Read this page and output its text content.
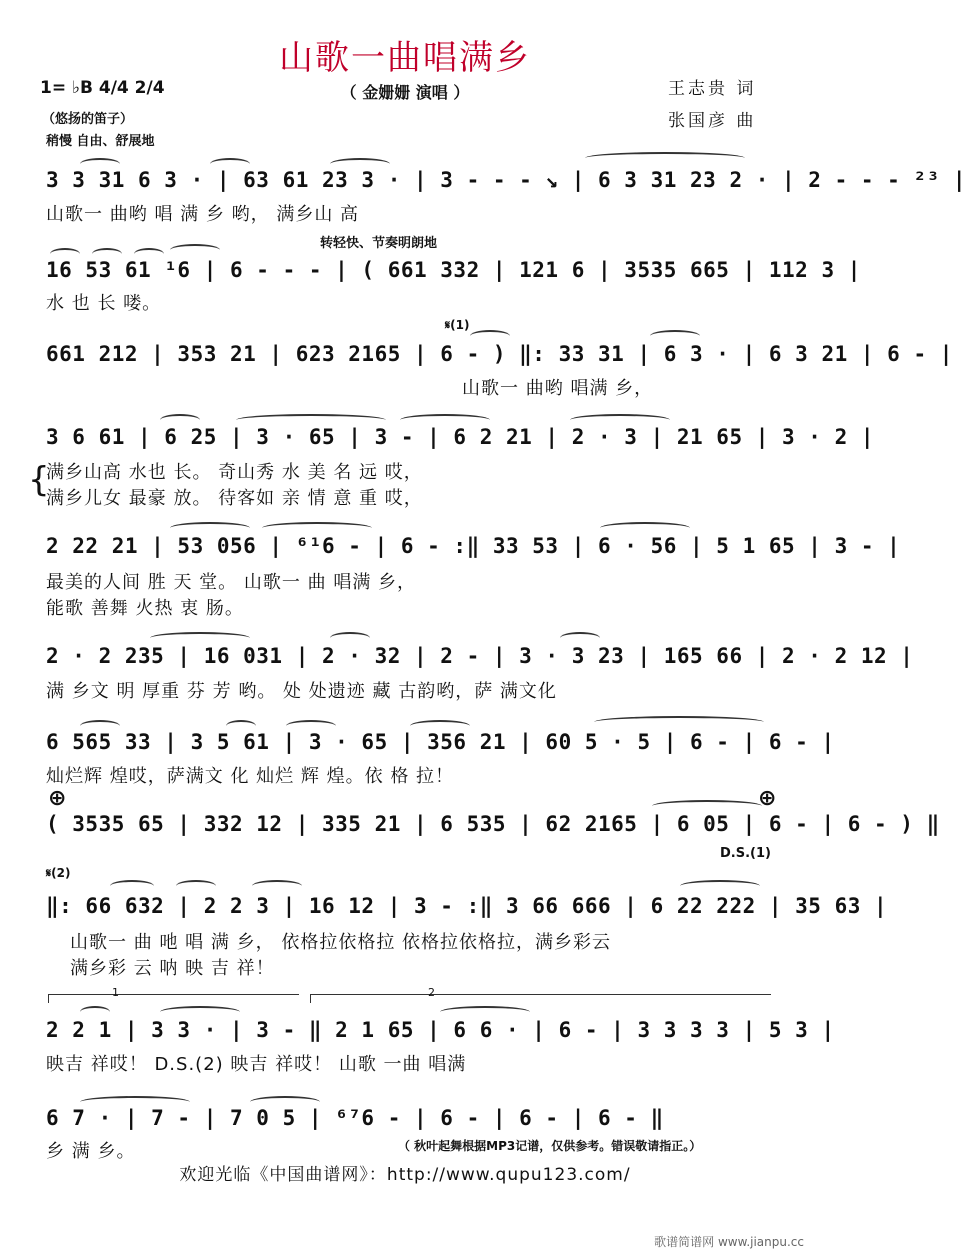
山歌一曲唱满乡
（ 金姗姗 演唱 ）
1= ♭B 4/4 2/4
（悠扬的笛子）
稍慢 自由、舒展地
王志贵 词
张国彦 曲
3 3 31 6 3 · | 63 61 23 3 · | 3 - - - ↘ | 6 3 31 23 2 · | 2 - - - ²³ |
山歌一 曲哟 唱 满 乡 哟， 满乡山 高
转轻快、节奏明朗地
16 53 61 ¹6 | 6 - - - | ( 661 332 | 121 6 | 3535 665 | 112 3 |
水 也 长 喽。
𝄋(1)
661 212 | 353 21 | 623 2165 | 6 - ) ‖: 33 31 | 6 3 · | 6 3 21 | 6 - |
山歌一 曲哟 唱满 乡，
3 6 61 | 6 25 | 3 · 65 | 3 - | 6 2 21 | 2 · 3 | 21 65 | 3 · 2 |
{
满乡山高 水也 长。 奇山秀 水 美 名 远 哎，
满乡儿女 最豪 放。 待客如 亲 情 意 重 哎，
2 22 21 | 53 056 | ⁶¹6 - | 6 - :‖ 33 53 | 6 · 56 | 5 1 65 | 3 - |
最美的人间 胜 天 堂。 山歌一 曲 唱满 乡，
能歌 善舞 火热 衷 肠。
2 · 2 235 | 16 031 | 2 · 32 | 2 - | 3 · 3 23 | 165 66 | 2 · 2 12 |
满 乡文 明 厚重 芬 芳 哟。 处 处遗迹 藏 古韵哟，萨 满文化
6 565 33 | 3 5 61 | 3 · 65 | 356 21 | 60 5 · 5 | 6 - | 6 - |
灿烂辉 煌哎，萨满文 化 灿烂 辉 煌。依 格 拉！
⊕	⊕
( 3535 65 | 332 12 | 335 21 | 6 535 | 62 2165 | 6 05 | 6 - | 6 - ) ‖
D.S.(1)
𝄋(2)
‖: 66 632 | 2 2 3 | 16 12 | 3 - :‖ 3 66 666 | 6 22 222 | 35 63 |
山歌一 曲 吔 唱 满 乡， 依格拉依格拉 依格拉依格拉，满乡彩云
满乡彩 云 呐 映 吉 祥！
1	2
2 2 1 | 3 3 · | 3 - ‖ 2 1 65 | 6 6 · | 6 - | 3 3 3 3 | 5 3 |
映吉 祥哎！ D.S.(2) 映吉 祥哎！ 山歌 一曲 唱满
6 7 · | 7 - | 7 0 5 | ⁶⁷6 - | 6 - | 6 - | 6 - ‖
乡 满 乡。	（ 秋叶起舞根据MP3记谱，仅供参考。错误敬请指正。）
欢迎光临《中国曲谱网》：http://www.qupu123.com/
歌谱简谱网 www.jianpu.cc
